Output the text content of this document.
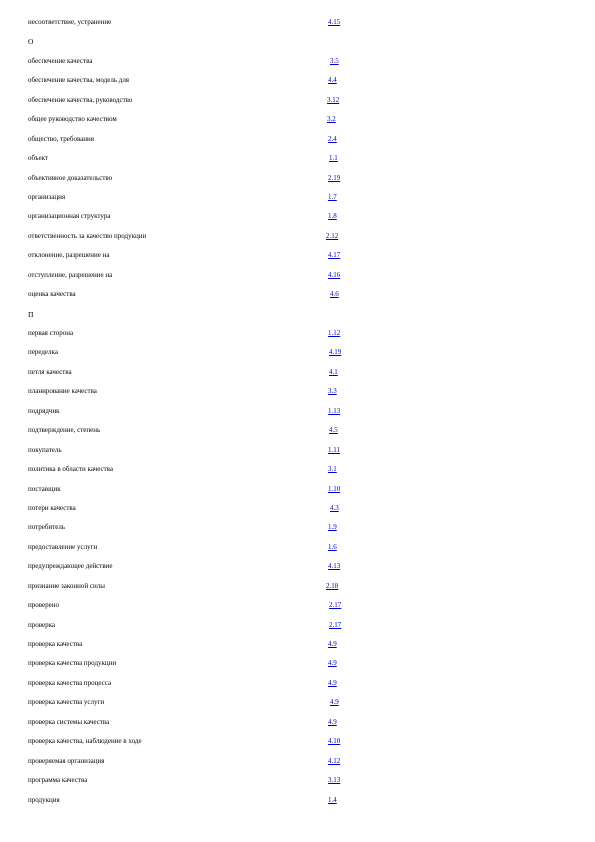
несоответствие, устранение	4.15
О
обеспечение качества	3.5
обеспечение качества, модель для	4.4
обеспечение качества, руководство	3.12
общее руководство качеством	3.2
общество, требования	2.4
объект	1.1
объективное доказательство	2.19
организация	1.7
организационная структура	1.8
ответственность за качество продукции	2.12
отклонение, разрешение на	4.17
отступление, разрешение на	4.16
оценка качества	4.6
П
первая сторона	1.12
переделка	4.19
петля качества	4.1
планирование качества	3.3
подрядчик	1.13
подтверждение, степень	4.5
покупатель	1.11
политика в области качества	3.1
поставщик	1.10
потери качества	4.3
потребитель	1.9
предоставление услуги	1.6
предупреждающее действие	4.13
признание законной силы	2.18
проверено	2.17
проверка	2.17
проверка качества	4.9
проверка качества продукции	4.9
проверка качества процесса	4.9
проверка качества услуги	4.9
проверка системы качества	4.9
проверка качества, наблюдение в ходе	4.10
проверяемая организация	4.12
программа качества	3.13
продукция	1.4
